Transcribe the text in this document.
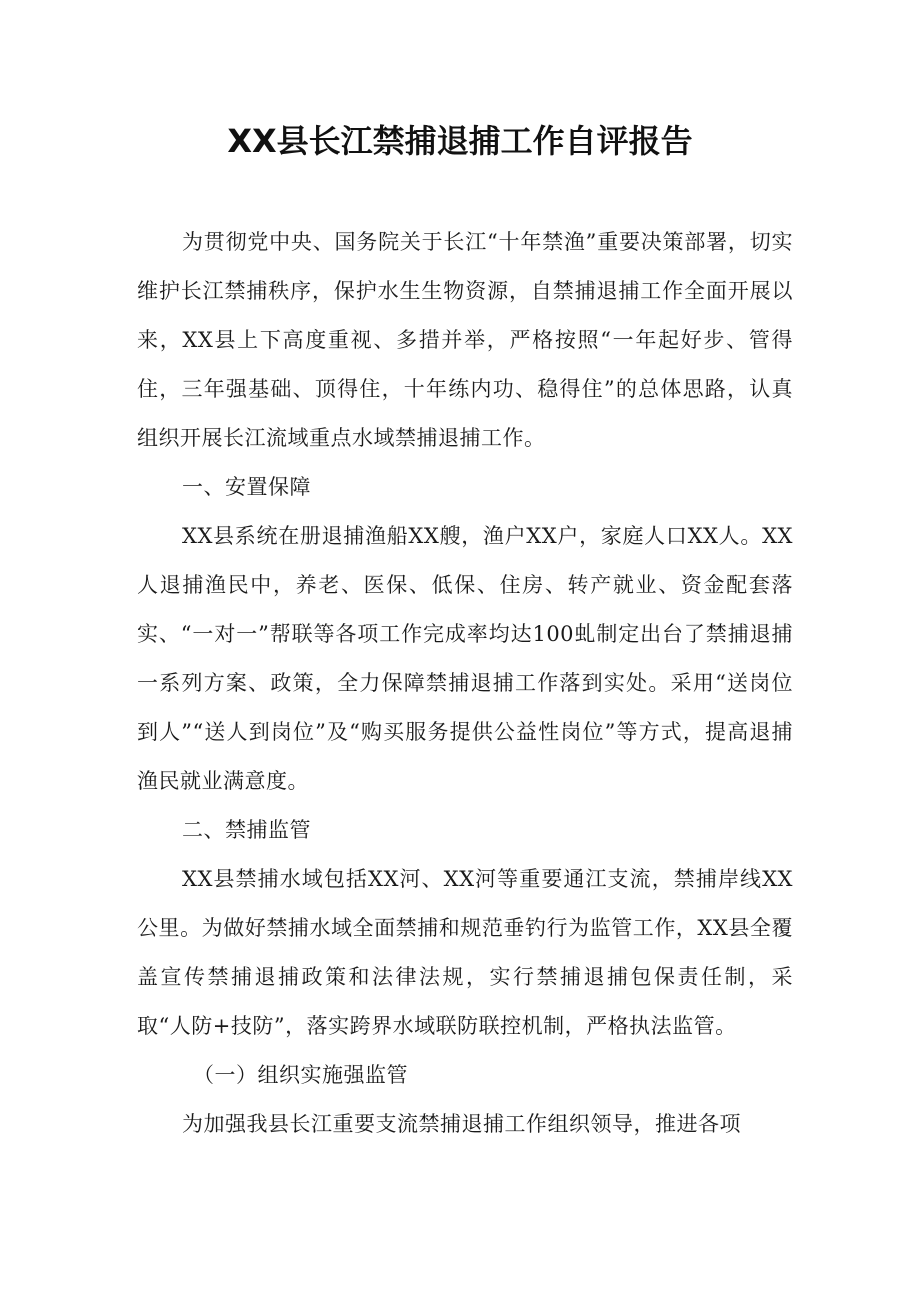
XX县长江禁捕退捕工作自评报告

为贯彻党中央、国务院关于长江“十年禁渔”重要决策部署，切实维护长江禁捕秩序，保护水生生物资源，自禁捕退捕工作全面开展以来，XX县上下高度重视、多措并举，严格按照“一年起好步、管得住，三年强基础、顶得住，十年练内功、稳得住”的总体思路，认真组织开展长江流域重点水域禁捕退捕工作。

一、安置保障

XX县系统在册退捕渔船XX艘，渔户XX户，家庭人口XX人。XX人退捕渔民中，养老、医保、低保、住房、转产就业、资金配套落实、“一对一”帮联等各项工作完成率均达100虬制定出台了禁捕退捕一系列方案、政策，全力保障禁捕退捕工作落到实处。采用“送岗位到人”“送人到岗位”及“购买服务提供公益性岗位”等方式，提高退捕渔民就业满意度。

二、禁捕监管

XX县禁捕水域包括XX河、XX河等重要通江支流，禁捕岸线XX公里。为做好禁捕水域全面禁捕和规范垂钓行为监管工作，XX县全覆盖宣传禁捕退捕政策和法律法规，实行禁捕退捕包保责任制，采取“人防+技防”，落实跨界水域联防联控机制，严格执法监管。

（一）组织实施强监管

为加强我县长江重要支流禁捕退捕工作组织领导，推进各项
